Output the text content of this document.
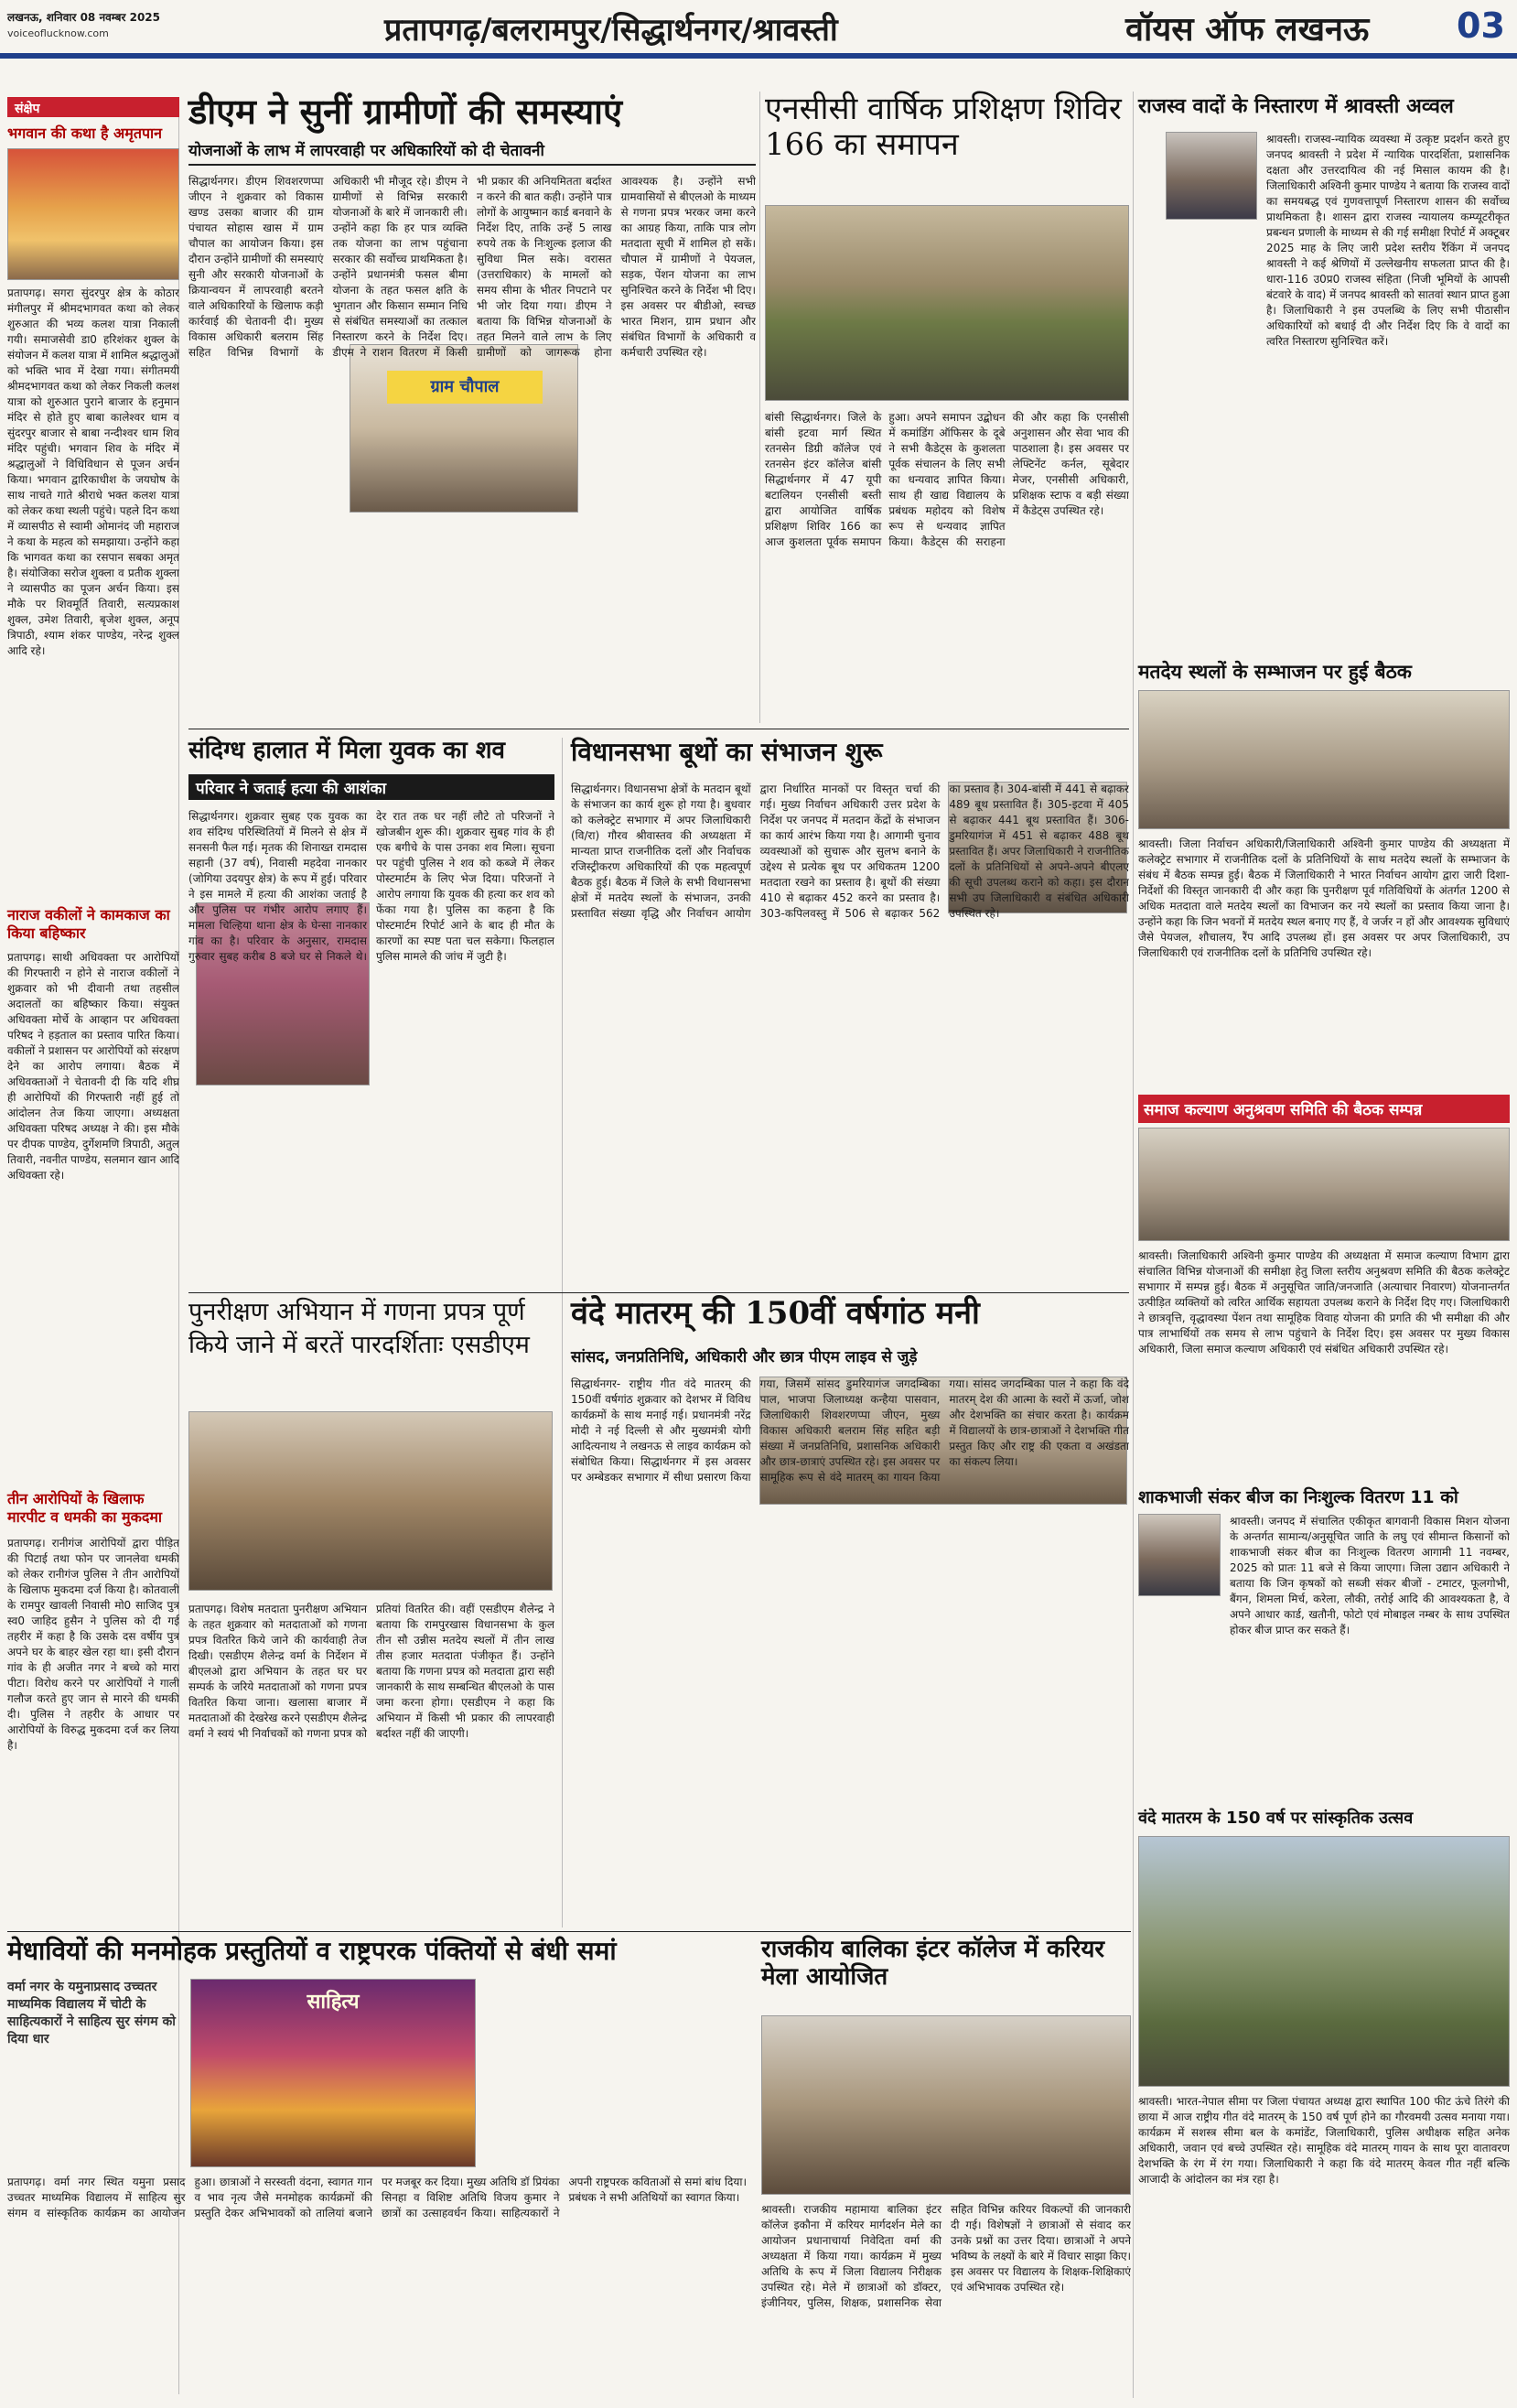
लखनऊ, शनिवार 08 नवम्बर 2025
voiceoflucknow.com	प्रतापगढ़/बलरामपुर/सिद्धार्थनगर/श्रावस्ती	वॉयस ऑफ लखनऊ	03
संक्षेप
भगवान की कथा है अमृतपान
प्रतापगढ़। सगरा सुंदरपुर क्षेत्र के कोठार मंगीलपुर में श्रीमदभागवत कथा को लेकर शुरुआत की भव्य कलश यात्रा निकाली गयी। समाजसेवी डा0 हरिशंकर शुक्ल के संयोजन में कलश यात्रा में शामिल श्रद्धालुओं को भक्ति भाव में देखा गया। संगीतमयी श्रीमदभागवत कथा को लेकर निकली कलश यात्रा को शुरुआत पुराने बाजार के हनुमान मंदिर से होते हुए बाबा कालेश्वर धाम व सुंदरपुर बाजार से बाबा नन्दीश्वर धाम शिव मंदिर पहुंची। भगवान शिव के मंदिर में श्रद्धालुओं ने विधिविधान से पूजन अर्चन किया। भगवान द्वारिकाधीश के जयघोष के साथ नाचते गाते श्रीराधे भक्त कलश यात्रा को लेकर कथा स्थली पहुंचे। पहले दिन कथा में व्यासपीठ से स्वामी ओमानंद जी महाराज ने कथा के महत्व को समझाया। उन्होंने कहा कि भागवत कथा का रसपान सबका अमृत है। संयोजिका सरोज शुक्ला व प्रतीक शुक्ला ने व्यासपीठ का पूजन अर्चन किया। इस मौके पर शिवमूर्ति तिवारी, सत्यप्रकाश शुक्ल, उमेश तिवारी, बृजेश शुक्ल, अनूप त्रिपाठी, श्याम शंकर पाण्डेय, नरेन्द्र शुक्ल आदि रहे।
नाराज वकीलों ने कामकाज का किया बहिष्कार
प्रतापगढ़। साथी अधिवक्ता पर आरोपियों की गिरफ्तारी न होने से नाराज वकीलों ने शुक्रवार को भी दीवानी तथा तहसील अदालतों का बहिष्कार किया। संयुक्त अधिवक्ता मोर्चे के आव्हान पर अधिवक्ता परिषद ने हड़ताल का प्रस्ताव पारित किया। वकीलों ने प्रशासन पर आरोपियों को संरक्षण देने का आरोप लगाया। बैठक में अधिवक्ताओं ने चेतावनी दी कि यदि शीघ्र ही आरोपियों की गिरफ्तारी नहीं हुई तो आंदोलन तेज किया जाएगा। अध्यक्षता अधिवक्ता परिषद अध्यक्ष ने की। इस मौके पर दीपक पाण्डेय, दुर्गेशमणि त्रिपाठी, अतुल तिवारी, नवनीत पाण्डेय, सलमान खान आदि अधिवक्ता रहे।
तीन आरोपियों के खिलाफ मारपीट व धमकी का मुकदमा
प्रतापगढ़। रानीगंज आरोपियों द्वारा पीड़ित की पिटाई तथा फोन पर जानलेवा धमकी को लेकर रानीगंज पुलिस ने तीन आरोपियों के खिलाफ मुकदमा दर्ज किया है। कोतवाली के रामपुर खावली निवासी मो0 साजिद पुत्र स्व0 जाहिद हुसैन ने पुलिस को दी गई तहरीर में कहा है कि उसके दस वर्षीय पुत्र अपने घर के बाहर खेल रहा था। इसी दौरान गांव के ही अजीत नगर ने बच्चे को मारा पीटा। विरोध करने पर आरोपियों ने गाली गलौज करते हुए जान से मारने की धमकी दी। पुलिस ने तहरीर के आधार पर आरोपियों के विरुद्ध मुकदमा दर्ज कर लिया है।
डीएम ने सुनीं ग्रामीणों की समस्याएं
योजनाओं के लाभ में लापरवाही पर अधिकारियों को दी चेतावनी
ग्राम चौपाल
सिद्धार्थनगर। डीएम शिवशरणप्पा जीएन ने शुक्रवार को विकास खण्ड उसका बाजार की ग्राम पंचायत सोहास खास में ग्राम चौपाल का आयोजन किया। इस दौरान उन्होंने ग्रामीणों की समस्याएं सुनी और सरकारी योजनाओं के क्रियान्वयन में लापरवाही बरतने वाले अधिकारियों के खिलाफ कड़ी कार्रवाई की चेतावनी दी। मुख्य विकास अधिकारी बलराम सिंह सहित विभिन्न विभागों के अधिकारी भी मौजूद रहे। डीएम ने ग्रामीणों से विभिन्न सरकारी योजनाओं के बारे में जानकारी ली। उन्होंने कहा कि हर पात्र व्यक्ति तक योजना का लाभ पहुंचाना सरकार की सर्वोच्च प्राथमिकता है। उन्होंने प्रधानमंत्री फसल बीमा योजना के तहत फसल क्षति के भुगतान और किसान सम्मान निधि से संबंधित समस्याओं का तत्काल निस्तारण करने के निर्देश दिए। डीएम ने राशन वितरण में किसी भी प्रकार की अनियमितता बर्दाश्त न करने की बात कही। उन्होंने पात्र लोगों के आयुष्मान कार्ड बनवाने के निर्देश दिए, ताकि उन्हें 5 लाख रुपये तक के निःशुल्क इलाज की सुविधा मिल सके। वरासत (उत्तराधिकार) के मामलों को समय सीमा के भीतर निपटाने पर भी जोर दिया गया। डीएम ने बताया कि विभिन्न योजनाओं के तहत मिलने वाले लाभ के लिए ग्रामीणों को जागरूक होना आवश्यक है। उन्होंने सभी ग्रामवासियों से बीएलओ के माध्यम से गणना प्रपत्र भरकर जमा करने का आग्रह किया, ताकि पात्र लोग मतदाता सूची में शामिल हो सकें। चौपाल में ग्रामीणों ने पेयजल, सड़क, पेंशन योजना का लाभ सुनिश्चित करने के निर्देश भी दिए। इस अवसर पर बीडीओ, स्वच्छ भारत मिशन, ग्राम प्रधान और संबंधित विभागों के अधिकारी व कर्मचारी उपस्थित रहे।
एनसीसी वार्षिक प्रशिक्षण शिविर 166 का समापन
बांसी सिद्धार्थनगर। जिले के बांसी इटवा मार्ग स्थित रतनसेन डिग्री कॉलेज एवं रतनसेन इंटर कॉलेज बांसी सिद्धार्थनगर में 47 यूपी बटालियन एनसीसी बस्ती द्वारा आयोजित वार्षिक प्रशिक्षण शिविर 166 का आज कुशलता पूर्वक समापन हुआ। अपने समापन उद्बोधन में कमांडिंग ऑफिसर के दूबे ने सभी कैडेट्स के कुशलता पूर्वक संचालन के लिए सभी का धन्यवाद ज्ञापित किया। साथ ही खाद्य विद्यालय के प्रबंधक महोदय को विशेष रूप से धन्यवाद ज्ञापित किया। कैडेट्स की सराहना की और कहा कि एनसीसी अनुशासन और सेवा भाव की पाठशाला है। इस अवसर पर लेफ्टिनेंट कर्नल, सूबेदार मेजर, एनसीसी अधिकारी, प्रशिक्षक स्टाफ व बड़ी संख्या में कैडेट्स उपस्थित रहे।
राजस्व वादों के निस्तारण में श्रावस्ती अव्वल
श्रावस्ती। राजस्व-न्यायिक व्यवस्था में उत्कृष्ट प्रदर्शन करते हुए जनपद श्रावस्ती ने प्रदेश में न्यायिक पारदर्शिता, प्रशासनिक दक्षता और उत्तरदायित्व की नई मिसाल कायम की है। जिलाधिकारी अश्विनी कुमार पाण्डेय ने बताया कि राजस्व वादों का समयबद्ध एवं गुणवत्तापूर्ण निस्तारण शासन की सर्वोच्च प्राथमिकता है। शासन द्वारा राजस्व न्यायालय कम्प्यूटरीकृत प्रबन्धन प्रणाली के माध्यम से की गई समीक्षा रिपोर्ट में अक्टूबर 2025 माह के लिए जारी प्रदेश स्तरीय रैंकिंग में जनपद श्रावस्ती ने कई श्रेणियों में उल्लेखनीय सफलता प्राप्त की है। धारा-116 उ0प्र0 राजस्व संहिता (निजी भूमियों के आपसी बंटवारे के वाद) में जनपद श्रावस्ती को सातवां स्थान प्राप्त हुआ है। जिलाधिकारी ने इस उपलब्धि के लिए सभी पीठासीन अधिकारियों को बधाई दी और निर्देश दिए कि वे वादों का त्वरित निस्तारण सुनिश्चित करें।
मतदेय स्थलों के सम्भाजन पर हुई बैठक
श्रावस्ती। जिला निर्वाचन अधिकारी/जिलाधिकारी अश्विनी कुमार पाण्डेय की अध्यक्षता में कलेक्ट्रेट सभागार में राजनीतिक दलों के प्रतिनिधियों के साथ मतदेय स्थलों के सम्भाजन के संबंध में बैठक सम्पन्न हुई। बैठक में जिलाधिकारी ने भारत निर्वाचन आयोग द्वारा जारी दिशा-निर्देशों की विस्तृत जानकारी दी और कहा कि पुनरीक्षण पूर्व गतिविधियों के अंतर्गत 1200 से अधिक मतदाता वाले मतदेय स्थलों का विभाजन कर नये स्थलों का प्रस्ताव किया जाना है। उन्होंने कहा कि जिन भवनों में मतदेय स्थल बनाए गए हैं, वे जर्जर न हों और आवश्यक सुविधाएं जैसे पेयजल, शौचालय, रैंप आदि उपलब्ध हों। इस अवसर पर अपर जिलाधिकारी, उप जिलाधिकारी एवं राजनीतिक दलों के प्रतिनिधि उपस्थित रहे।
संदिग्ध हालात में मिला युवक का शव
परिवार ने जताई हत्या की आशंका
सिद्धार्थनगर। शुक्रवार सुबह एक युवक का शव संदिग्ध परिस्थितियों में मिलने से क्षेत्र में सनसनी फैल गई। मृतक की शिनाख्त रामदास सहानी (37 वर्ष), निवासी महदेवा नानकार (जोगिया उदयपुर क्षेत्र) के रूप में हुई। परिवार ने इस मामले में हत्या की आशंका जताई है और पुलिस पर गंभीर आरोप लगाए हैं। मामला चिल्हिया थाना क्षेत्र के घेन्सा नानकार गांव का है। परिवार के अनुसार, रामदास गुरुवार सुबह करीब 8 बजे घर से निकले थे। देर रात तक घर नहीं लौटे तो परिजनों ने खोजबीन शुरू की। शुक्रवार सुबह गांव के ही एक बगीचे के पास उनका शव मिला। सूचना पर पहुंची पुलिस ने शव को कब्जे में लेकर पोस्टमार्टम के लिए भेज दिया। परिजनों ने आरोप लगाया कि युवक की हत्या कर शव को फेंका गया है। पुलिस का कहना है कि पोस्टमार्टम रिपोर्ट आने के बाद ही मौत के कारणों का स्पष्ट पता चल सकेगा। फिलहाल पुलिस मामले की जांच में जुटी है।
विधानसभा बूथों का संभाजन शुरू
सिद्धार्थनगर। विधानसभा क्षेत्रों के मतदान बूथों के संभाजन का कार्य शुरू हो गया है। बुधवार को कलेक्ट्रेट सभागार में अपर जिलाधिकारी (वि/रा) गौरव श्रीवास्तव की अध्यक्षता में मान्यता प्राप्त राजनीतिक दलों और निर्वाचक रजिस्ट्रीकरण अधिकारियों की एक महत्वपूर्ण बैठक हुई। बैठक में जिले के सभी विधानसभा क्षेत्रों में मतदेय स्थलों के संभाजन, उनकी प्रस्तावित संख्या वृद्धि और निर्वाचन आयोग द्वारा निर्धारित मानकों पर विस्तृत चर्चा की गई। मुख्य निर्वाचन अधिकारी उत्तर प्रदेश के निर्देश पर जनपद में मतदान केंद्रों के संभाजन का कार्य आरंभ किया गया है। आगामी चुनाव व्यवस्थाओं को सुचारू और सुलभ बनाने के उद्देश्य से प्रत्येक बूथ पर अधिकतम 1200 मतदाता रखने का प्रस्ताव है। बूथों की संख्या 410 से बढ़ाकर 452 करने का प्रस्ताव है। 303-कपिलवस्तु में 506 से बढ़ाकर 562 का प्रस्ताव है। 304-बांसी में 441 से बढ़ाकर 489 बूथ प्रस्तावित हैं। 305-इटवा में 405 से बढ़ाकर 441 बूथ प्रस्तावित हैं। 306-डुमरियागंज में 451 से बढ़ाकर 488 बूथ प्रस्तावित हैं। अपर जिलाधिकारी ने राजनीतिक दलों के प्रतिनिधियों से अपने-अपने बीएलए की सूची उपलब्ध कराने को कहा। इस दौरान सभी उप जिलाधिकारी व संबंधित अधिकारी उपस्थित रहे।
समाज कल्याण अनुश्रवण समिति की बैठक सम्पन्न
श्रावस्ती। जिलाधिकारी अश्विनी कुमार पाण्डेय की अध्यक्षता में समाज कल्याण विभाग द्वारा संचालित विभिन्न योजनाओं की समीक्षा हेतु जिला स्तरीय अनुश्रवण समिति की बैठक कलेक्ट्रेट सभागार में सम्पन्न हुई। बैठक में अनुसूचित जाति/जनजाति (अत्याचार निवारण) योजनान्तर्गत उत्पीड़ित व्यक्तियों को त्वरित आर्थिक सहायता उपलब्ध कराने के निर्देश दिए गए। जिलाधिकारी ने छात्रवृत्ति, वृद्धावस्था पेंशन तथा सामूहिक विवाह योजना की प्रगति की भी समीक्षा की और पात्र लाभार्थियों तक समय से लाभ पहुंचाने के निर्देश दिए। इस अवसर पर मुख्य विकास अधिकारी, जिला समाज कल्याण अधिकारी एवं संबंधित अधिकारी उपस्थित रहे।
पुनरीक्षण अभियान में गणना प्रपत्र पूर्ण किये जाने में बरतें पारदर्शिताः एसडीएम
प्रतापगढ़। विशेष मतदाता पुनरीक्षण अभियान के तहत शुक्रवार को मतदाताओं को गणना प्रपत्र वितरित किये जाने की कार्यवाही तेज दिखी। एसडीएम शैलेन्द्र वर्मा के निर्देशन में बीएलओ द्वारा अभियान के तहत घर घर सम्पर्क के जरिये मतदाताओं को गणना प्रपत्र वितरित किया जाना। खलासा बाजार में मतदाताओं की देखरेख करने एसडीएम शैलेन्द्र वर्मा ने स्वयं भी निर्वाचकों को गणना प्रपत्र को प्रतियां वितरित की। वहीं एसडीएम शैलेन्द्र ने बताया कि रामपुरखास विधानसभा के कुल तीन सौ उन्नीस मतदेय स्थलों में तीन लाख तीस हजार मतदाता पंजीकृत हैं। उन्होंने बताया कि गणना प्रपत्र को मतदाता द्वारा सही जानकारी के साथ सम्बन्धित बीएलओ के पास जमा करना होगा। एसडीएम ने कहा कि अभियान में किसी भी प्रकार की लापरवाही बर्दाश्त नहीं की जाएगी।
वंदे मातरम् की 150वीं वर्षगांठ मनी
सांसद, जनप्रतिनिधि, अधिकारी और छात्र पीएम लाइव से जुड़े
सिद्धार्थनगर- राष्ट्रीय गीत वंदे मातरम् की 150वीं वर्षगांठ शुक्रवार को देशभर में विविध कार्यक्रमों के साथ मनाई गई। प्रधानमंत्री नरेंद्र मोदी ने नई दिल्ली से और मुख्यमंत्री योगी आदित्यनाथ ने लखनऊ से लाइव कार्यक्रम को संबोधित किया। सिद्धार्थनगर में इस अवसर पर अम्बेडकर सभागार में सीधा प्रसारण किया गया, जिसमें सांसद डुमरियागंज जगदम्बिका पाल, भाजपा जिलाध्यक्ष कन्हैया पासवान, जिलाधिकारी शिवशरणप्पा जीएन, मुख्य विकास अधिकारी बलराम सिंह सहित बड़ी संख्या में जनप्रतिनिधि, प्रशासनिक अधिकारी और छात्र-छात्राएं उपस्थित रहे। इस अवसर पर सामूहिक रूप से वंदे मातरम् का गायन किया गया। सांसद जगदम्बिका पाल ने कहा कि वंदे मातरम् देश की आत्मा के स्वरों में ऊर्जा, जोश और देशभक्ति का संचार करता है। कार्यक्रम में विद्यालयों के छात्र-छात्राओं ने देशभक्ति गीत प्रस्तुत किए और राष्ट्र की एकता व अखंडता का संकल्प लिया।
शाकभाजी संकर बीज का निःशुल्क वितरण 11 को
श्रावस्ती। जनपद में संचालित एकीकृत बागवानी विकास मिशन योजना के अन्तर्गत सामान्य/अनुसूचित जाति के लघु एवं सीमान्त किसानों को शाकभाजी संकर बीज का निःशुल्क वितरण आगामी 11 नवम्बर, 2025 को प्रातः 11 बजे से किया जाएगा। जिला उद्यान अधिकारी ने बताया कि जिन कृषकों को सब्जी संकर बीजों - टमाटर, फूलगोभी, बैंगन, शिमला मिर्च, करेला, लौकी, तरोई आदि की आवश्यकता है, वे अपने आधार कार्ड, खतौनी, फोटो एवं मोबाइल नम्बर के साथ उपस्थित होकर बीज प्राप्त कर सकते हैं।
वंदे मातरम के 150 वर्ष पर सांस्कृतिक उत्सव
श्रावस्ती। भारत-नेपाल सीमा पर जिला पंचायत अध्यक्ष द्वारा स्थापित 100 फीट ऊंचे तिरंगे की छाया में आज राष्ट्रीय गीत वंदे मातरम् के 150 वर्ष पूर्ण होने का गौरवमयी उत्सव मनाया गया। कार्यक्रम में सशस्त्र सीमा बल के कमांडेंट, जिलाधिकारी, पुलिस अधीक्षक सहित अनेक अधिकारी, जवान एवं बच्चे उपस्थित रहे। सामूहिक वंदे मातरम् गायन के साथ पूरा वातावरण देशभक्ति के रंग में रंग गया। जिलाधिकारी ने कहा कि वंदे मातरम् केवल गीत नहीं बल्कि आजादी के आंदोलन का मंत्र रहा है।
मेधावियों की मनमोहक प्रस्तुतियों व राष्ट्रपरक पंक्तियों से बंधी समां
वर्मा नगर के यमुनाप्रसाद उच्चतर माध्यमिक विद्यालय में चोटी के साहित्यकारों ने साहित्य सुर संगम को दिया धार
साहित्य
प्रतापगढ़। वर्मा नगर स्थित यमुना प्रसाद उच्चतर माध्यमिक विद्यालय में साहित्य सुर संगम व सांस्कृतिक कार्यक्रम का आयोजन हुआ। छात्राओं ने सरस्वती वंदना, स्वागत गान व भाव नृत्य जैसे मनमोहक कार्यक्रमों की प्रस्तुति देकर अभिभावकों को तालियां बजाने पर मजबूर कर दिया। मुख्य अतिथि डॉ प्रियंका सिनहा व विशिष्ट अतिथि विजय कुमार ने छात्रों का उत्साहवर्धन किया। साहित्यकारों ने अपनी राष्ट्रपरक कविताओं से समां बांध दिया। प्रबंधक ने सभी अतिथियों का स्वागत किया।
राजकीय बालिका इंटर कॉलेज में करियर मेला आयोजित
श्रावस्ती। राजकीय महामाया बालिका इंटर कॉलेज इकौना में करियर मार्गदर्शन मेले का आयोजन प्रधानाचार्या निवेदिता वर्मा की अध्यक्षता में किया गया। कार्यक्रम में मुख्य अतिथि के रूप में जिला विद्यालय निरीक्षक उपस्थित रहे। मेले में छात्राओं को डॉक्टर, इंजीनियर, पुलिस, शिक्षक, प्रशासनिक सेवा सहित विभिन्न करियर विकल्पों की जानकारी दी गई। विशेषज्ञों ने छात्राओं से संवाद कर उनके प्रश्नों का उत्तर दिया। छात्राओं ने अपने भविष्य के लक्ष्यों के बारे में विचार साझा किए। इस अवसर पर विद्यालय के शिक्षक-शिक्षिकाएं एवं अभिभावक उपस्थित रहे।
